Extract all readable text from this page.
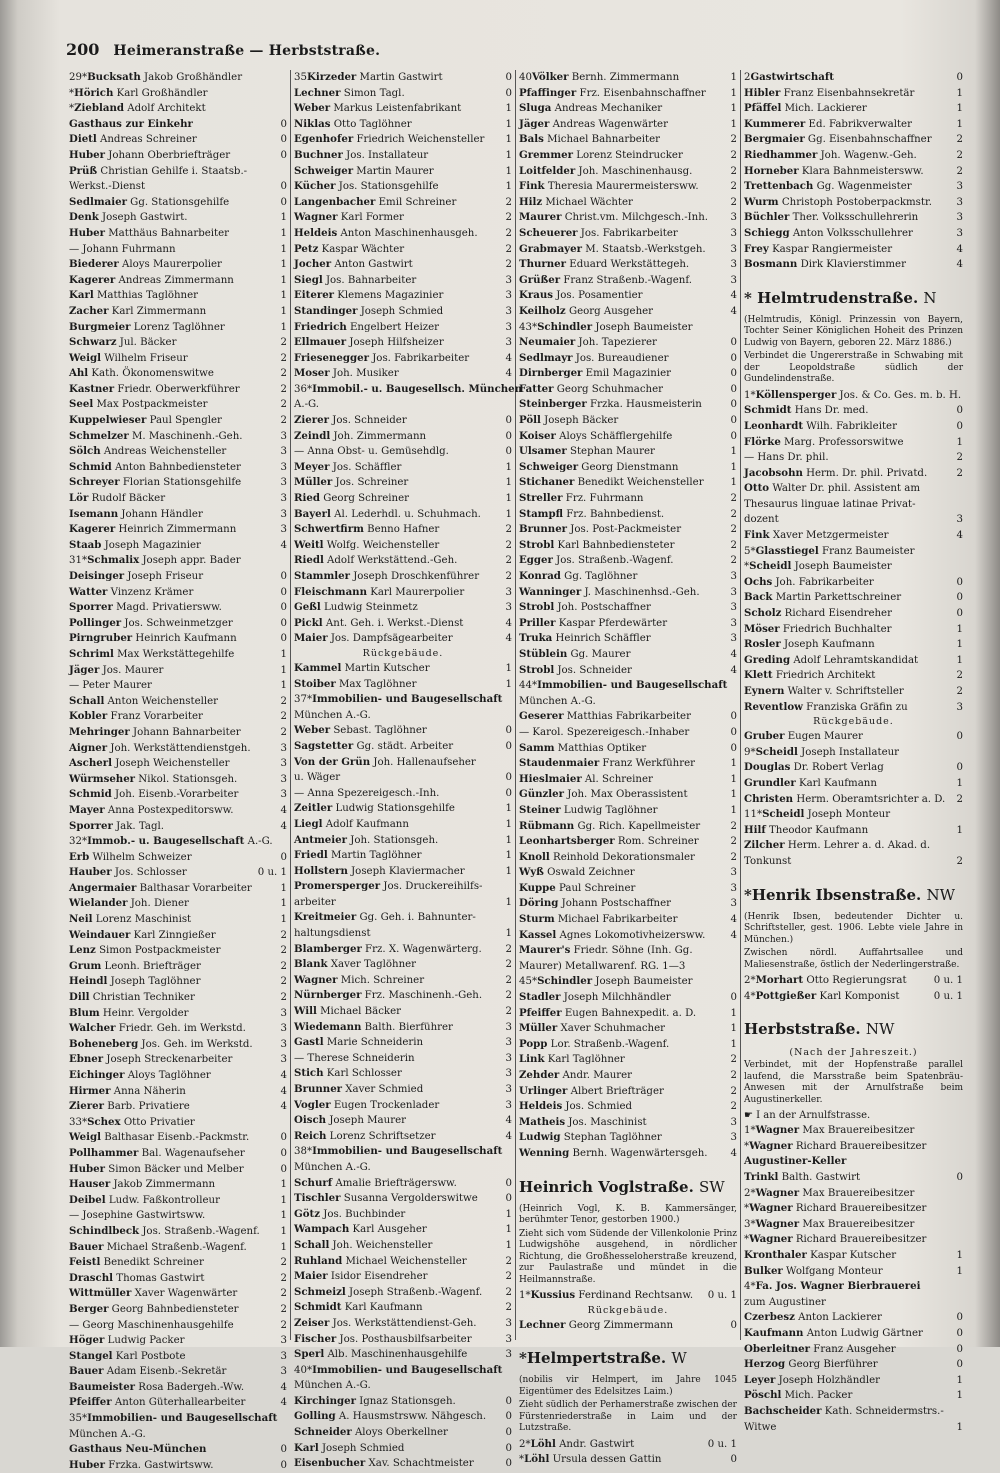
200 Heimeranstraße — Herbststraße.
29*Bucksath Jakob Großhändler
*Hörich Karl Großhändler
*Ziebland Adolf Architekt
Gasthaus zur Einkehr	0
Dietl Andreas Schreiner	0
Huber Johann Oberbriefträger	0
Prüß Christian Gehilfe i. Staatsb.-
Werkst.-Dienst	0
Sedlmaier Gg. Stationsgehilfe	0
Denk Joseph Gastwirt.	1
Huber Matthäus Bahnarbeiter	1
— Johann Fuhrmann	1
Biederer Aloys Maurerpolier	1
Kagerer Andreas Zimmermann	1
Karl Matthias Taglöhner	1
Zacher Karl Zimmermann	1
Burgmeier Lorenz Taglöhner	1
Schwarz Jul. Bäcker	2
Weigl Wilhelm Friseur	2
Ahl Kath. Ökonomenswitwe	2
Kastner Friedr. Oberwerkführer	2
Seel Max Postpackmeister	2
Kuppelwieser Paul Spengler	2
Schmelzer M. Maschinenh.-Geh.	3
Sölch Andreas Weichensteller	3
Schmid Anton Bahnbediensteter	3
Schreyer Florian Stationsgehilfe	3
Lör Rudolf Bäcker	3
Isemann Johann Händler	3
Kagerer Heinrich Zimmermann	3
Staab Joseph Magazinier	4
31*Schmalix Joseph appr. Bader
Deisinger Joseph Friseur	0
Watter Vinzenz Krämer	0
Sporrer Magd. Privatiersww.	0
Pollinger Jos. Schweinmetzger	0
Pirngruber Heinrich Kaufmann	0
Schriml Max Werkstättegehilfe	1
Jäger Jos. Maurer	1
— Peter Maurer	1
Schall Anton Weichensteller	2
Kobler Franz Vorarbeiter	2
Mehringer Johann Bahnarbeiter	2
Aigner Joh. Werkstättendienstgeh.	3
Ascherl Joseph Weichensteller	3
Würmseher Nikol. Stationsgeh.	3
Schmid Joh. Eisenb.-Vorarbeiter	3
Mayer Anna Postexpeditorsww.	4
Sporrer Jak. Tagl.	4
32*Immob.- u. Baugesellschaft A.-G.
Erb Wilhelm Schweizer	0
Hauber Jos. Schlosser	0 u. 1
Angermaier Balthasar Vorarbeiter	1
Wielander Joh. Diener	1
Neil Lorenz Maschinist	1
Weindauer Karl Zinngießer	2
Lenz Simon Postpackmeister	2
Grum Leonh. Briefträger	2
Heindl Joseph Taglöhner	2
Dill Christian Techniker	2
Blum Heinr. Vergolder	3
Walcher Friedr. Geh. im Werkstd.	3
Boheneberg Jos. Geh. im Werkstd.	3
Ebner Joseph Streckenarbeiter	3
Eichinger Aloys Taglöhner	4
Hirmer Anna Näherin	4
Zierer Barb. Privatiere	4
33*Schex Otto Privatier
Weigl Balthasar Eisenb.-Packmstr.	0
Pollhammer Bal. Wagenaufseher	0
Huber Simon Bäcker und Melber	0
Hauser Jakob Zimmermann	1
Deibel Ludw. Faßkontrolleur	1
— Josephine Gastwirtsww.	1
Schindlbeck Jos. Straßenb.-Wagenf. 1
Bauer Michael Straßenb.-Wagenf.	1
Feistl Benedikt Schreiner	2
Draschl Thomas Gastwirt	2
Wittmüller Xaver Wagenwärter	2
Berger Georg Bahnbediensteter	2
— Georg Maschinenhausgehilfe	2
Höger Ludwig Packer	3
Stangel Karl Postbote	3
Bauer Adam Eisenb.-Sekretär	3
Baumeister Rosa Badergeh.-Ww.	4
Pfeiffer Anton Güterhallearbeiter	4
35*Immobilien- und Baugesellschaft
München A.-G.
Gasthaus Neu-München	0
Huber Frzka. Gastwirtsww.	0
35Kirzeder Martin Gastwirt	0
Lechner Simon Tagl.	0
Weber Markus Leistenfabrikant	1
Niklas Otto Taglöhner	1
Egenhofer Friedrich Weichensteller 1
Buchner Jos. Installateur	1
Schweiger Martin Maurer	1
Kücher Jos. Stationsgehilfe	1
Langenbacher Emil Schreiner	2
Wagner Karl Former	2
Heldeis Anton Maschinenhausgeh.	2
Petz Kaspar Wächter	2
Jocher Anton Gastwirt	2
Siegl Jos. Bahnarbeiter	3
Eiterer Klemens Magazinier	3
Standinger Joseph Schmied	3
Friedrich Engelbert Heizer	3
Ellmauer Joseph Hilfsheizer	3
Friesenegger Jos. Fabrikarbeiter	4
Moser Joh. Musiker	4
36*Immobil.- u. Baugesellsch. München
A.-G.
Zierer Jos. Schneider	0
Zeindl Joh. Zimmermann	0
— Anna Obst- u. Gemüsehdlg.	0
Meyer Jos. Schäffler	1
Müller Jos. Schreiner	1
Ried Georg Schreiner	1
Bayerl Al. Lederhdl. u. Schuhmach. 1
Schwertfirm Benno Hafner	2
Weitl Wolfg. Weichensteller	2
Riedl Adolf Werkstättend.-Geh.	2
Stammler Joseph Droschkenführer	2
Fleischmann Karl Maurerpolier	3
Geßl Ludwig Steinmetz	3
Pickl Ant. Geh. i. Werkst.-Dienst	4
Maier Jos. Dampfsägearbeiter	4
Rückgebäude.
Kammel Martin Kutscher	1
Stoiber Max Taglöhner	1
37*Immobilien- und Baugesellschaft
München A.-G.
Weber Sebast. Taglöhner	0
Sagstetter Gg. städt. Arbeiter	0
Von der Grün Joh. Hallenaufseher
u. Wäger	0
— Anna Spezereigesch.-Inh.	0
Zeitler Ludwig Stationsgehilfe	1
Liegl Adolf Kaufmann	1
Antmeier Joh. Stationsgeh.	1
Friedl Martin Taglöhner	1
Hollstern Joseph Klaviermacher	1
Promersperger Jos. Druckereihilfs-
arbeiter	1
Kreitmeier Gg. Geh. i. Bahnunter-
haltungsdienst	1
Blamberger Frz. X. Wagenwärterg. 2
Blank Xaver Taglöhner	2
Wagner Mich. Schreiner	2
Nürnberger Frz. Maschinenh.-Geh. 2
Will Michael Bäcker	2
Wiedemann Balth. Bierführer	3
Gastl Marie Schneiderin	3
— Therese Schneiderin	3
Stich Karl Schlosser	3
Brunner Xaver Schmied	3
Vogler Eugen Trockenlader	3
Oisch Joseph Maurer	4
Reich Lorenz Schriftsetzer	4
38*Immobilien- und Baugesellschaft
München A.-G.
Schurf Amalie Briefträgersww.	0
Tischler Susanna Vergolderswitwe	0
Götz Jos. Buchbinder	1
Wampach Karl Ausgeher	1
Schall Joh. Weichensteller	1
Ruhland Michael Weichensteller	2
Maier Isidor Eisendreher	2
Schmeizl Joseph Straßenb.-Wagenf. 2
Schmidt Karl Kaufmann	2
Zeiser Jos. Werkstättendienst-Geh.	3
Fischer Jos. Posthausbilfsarbeiter	3
Sperl Alb. Maschinenhausgehilfe	3
40*Immobilien- und Baugesellschaft
München A.-G.
Kirchinger Ignaz Stationsgeh.	0
Golling A. Hausmstrsww. Nähgesch. 0
Schneider Aloys Oberkellner	0
Karl Joseph Schmied	0
Eisenbucher Xav. Schachtmeister	0
40Völker Bernh. Zimmermann	1
Pfaffinger Frz. Eisenbahnschaffner 1
Sluga Andreas Mechaniker	1
Jäger Andreas Wagenwärter	1
Bals Michael Bahnarbeiter	2
Gremmer Lorenz Steindrucker	2
Loitfelder Joh. Maschinenhausg.	2
Fink Theresia Maurermeistersww.	2
Hilz Michael Wächter	2
Maurer Christ.vm. Milchgesch.-Inh. 3
Scheuerer Jos. Fabrikarbeiter	3
Grabmayer M. Staatsb.-Werkstgeh. 3
Thurner Eduard Werkstättegeh.	3
Grüßer Franz Straßenb.-Wagenf.	3
Kraus Jos. Posamentier	4
Keilholz Georg Ausgeher	4
43*Schindler Joseph Baumeister
Neumaier Joh. Tapezierer	0
Sedlmayr Jos. Bureaudiener	0
Dirnberger Emil Magazinier	0
Fatter Georg Schuhmacher	0
Steinberger Frzka. Hausmeisterin	0
Pöll Joseph Bäcker	0
Koiser Aloys Schäfflergehilfe	0
Ulsamer Stephan Maurer	1
Schweiger Georg Dienstmann	1
Stichaner Benedikt Weichensteller	1
Streller Frz. Fuhrmann	2
Stampfl Frz. Bahnbedienst.	2
Brunner Jos. Post-Packmeister	2
Strobl Karl Bahnbediensteter	2
Egger Jos. Straßenb.-Wagenf.	2
Konrad Gg. Taglöhner	3
Wanninger J. Maschinenhsd.-Geh.	3
Strobl Joh. Postschaffner	3
Priller Kaspar Pferdewärter	3
Truka Heinrich Schäffler	3
Stüblein Gg. Maurer	4
Strobl Jos. Schneider	4
44*Immobilien- und Baugesellschaft
München A.-G.
Geserer Matthias Fabrikarbeiter	0
— Karol. Spezereigesch.-Inhaber	0
Samm Matthias Optiker	0
Staudenmaier Franz Werkführer	1
Hieslmaier Al. Schreiner	1
Günzler Joh. Max Oberassistent	1
Steiner Ludwig Taglöhner	1
Rübmann Gg. Rich. Kapellmeister	2
Leonhartsberger Rom. Schreiner	2
Knoll Reinhold Dekorationsmaler	2
Wyß Oswald Zeichner	3
Kuppe Paul Schreiner	3
Döring Johann Postschaffner	3
Sturm Michael Fabrikarbeiter	4
Kassel Agnes Lokomotivheizersww. 4
Maurer's Friedr. Söhne (Inh. Gg.
Maurer) Metallwarenf. RG. 1—3
45*Schindler Joseph Baumeister
Stadler Joseph Milchhändler	0
Pfeiffer Eugen Bahnexpedit. a. D.	1
Müller Xaver Schuhmacher	1
Popp Lor. Straßenb.-Wagenf.	1
Link Karl Taglöhner	2
Zehder Andr. Maurer	2
Urlinger Albert Briefträger	2
Heldeis Jos. Schmied	2
Matheis Jos. Maschinist	3
Ludwig Stephan Taglöhner	3
Wenning Bernh. Wagenwärtersgeh. 4
Heinrich Voglstraße. SW
(Heinrich Vogl, K. B. Kammersänger, berühmter Tenor, gestorben 1900.)
Zieht sich vom Südende der Villenkolonie Prinz Ludwigshöhe ausgehend, in nördlicher Richtung, die Großhesseloherstraße kreuzend, zur Paulastraße und mündet in die Heilmannstraße.
1*Kussius Ferdinand Rechtsanw. 0 u. 1
Rückgebäude.
Lechner Georg Zimmermann	0
*Helmpertstraße. W
(nobilis vir Helmpert, im Jahre 1045 Eigentümer des Edelsitzes Laim.)
Zieht südlich der Perhamerstraße zwischen der Fürstenriederstraße in Laim und der Lutzstraße.
2*Löhl Andr. Gastwirt	0 u. 1
*Löhl Ursula dessen Gattin	0
2Gastwirtschaft	0
Hibler Franz Eisenbahnsekretär	1
Pfäffel Mich. Lackierer	1
Kummerer Ed. Fabrikverwalter	1
Bergmaier Gg. Eisenbahnschaffner 2
Riedhammer Joh. Wagenw.-Geh.	2
Horneber Klara Bahnmeistersww.	2
Trettenbach Gg. Wagenmeister	3
Wurm Christoph Postoberpackmstr. 3
Büchler Ther. Volksschullehrerin	3
Schiegg Anton Volksschullehrer	3
Frey Kaspar Rangiermeister	4
Bosmann Dirk Klavierstimmer	4
* Helmtrudenstraße. N
(Helmtrudis, Königl. Prinzessin von Bayern, Tochter Seiner Königlichen Hoheit des Prinzen Ludwig von Bayern, geboren 22. März 1886.)
Verbindet die Ungererstraße in Schwabing mit der Leopoldstraße südlich der Gundelindenstraße.
1*Köllensperger Jos. & Co. Ges. m. b. H.
Schmidt Hans Dr. med.	0
Leonhardt Wilh. Fabrikleiter	0
Flörke Marg. Professorswitwe	1
— Hans Dr. phil.	2
Jacobsohn Herm. Dr. phil. Privatd.	2
Otto Walter Dr. phil. Assistent am
Thesaurus linguae latinae Privat-
dozent	3
Fink Xaver Metzgermeister	4
5*Glasstiegel Franz Baumeister
*Scheidl Joseph Baumeister
Ochs Joh. Fabrikarbeiter	0
Back Martin Parkettschreiner	0
Scholz Richard Eisendreher	0
Möser Friedrich Buchhalter	1
Rosler Joseph Kaufmann	1
Greding Adolf Lehramtskandidat	1
Klett Friedrich Architekt	2
Eynern Walter v. Schriftsteller	2
Reventlow Franziska Gräfin zu	3
Rückgebäude.
Gruber Eugen Maurer	0
9*Scheidl Joseph Installateur
Douglas Dr. Robert Verlag	0
Grundler Karl Kaufmann	1
Christen Herm. Oberamtsrichter a. D. 2
11*Scheidl Joseph Monteur
Hilf Theodor Kaufmann	1
Zilcher Herm. Lehrer a. d. Akad. d.
Tonkunst	2
*Henrik Ibsenstraße. NW
(Henrik Ibsen, bedeutender Dichter u. Schriftsteller, gest. 1906. Lebte viele Jahre in München.)
Zwischen nördl. Auffahrtsallee und Maliesenstraße, östlich der Nederlingerstraße.
2*Morhart Otto Regierungsrat	0 u. 1
4*Pottgießer Karl Komponist	0 u. 1
Herbststraße. NW
(Nach der Jahreszeit.)
Verbindet, mit der Hopfenstraße parallel laufend, die Marsstraße beim Spatenbräu-Anwesen mit der Arnulfstraße beim Augustinerkeller.
☛ I an der Arnulfstrasse.
1*Wagner Max Brauereibesitzer
*Wagner Richard Brauereibesitzer
Augustiner-Keller
Trinkl Balth. Gastwirt	0
2*Wagner Max Brauereibesitzer
*Wagner Richard Brauereibesitzer
3*Wagner Max Brauereibesitzer
*Wagner Richard Brauereibesitzer
Kronthaler Kaspar Kutscher	1
Bulker Wolfgang Monteur	1
4*Fa. Jos. Wagner Bierbrauerei
zum Augustiner
Czerbesz Anton Lackierer	0
Kaufmann Anton Ludwig Gärtner	0
Oberleitner Franz Ausgeher	0
Herzog Georg Bierführer	0
Leyer Joseph Holzhändler	1
Pöschl Mich. Packer	1
Bachscheider Kath. Schneidermstrs.-
Witwe	1
